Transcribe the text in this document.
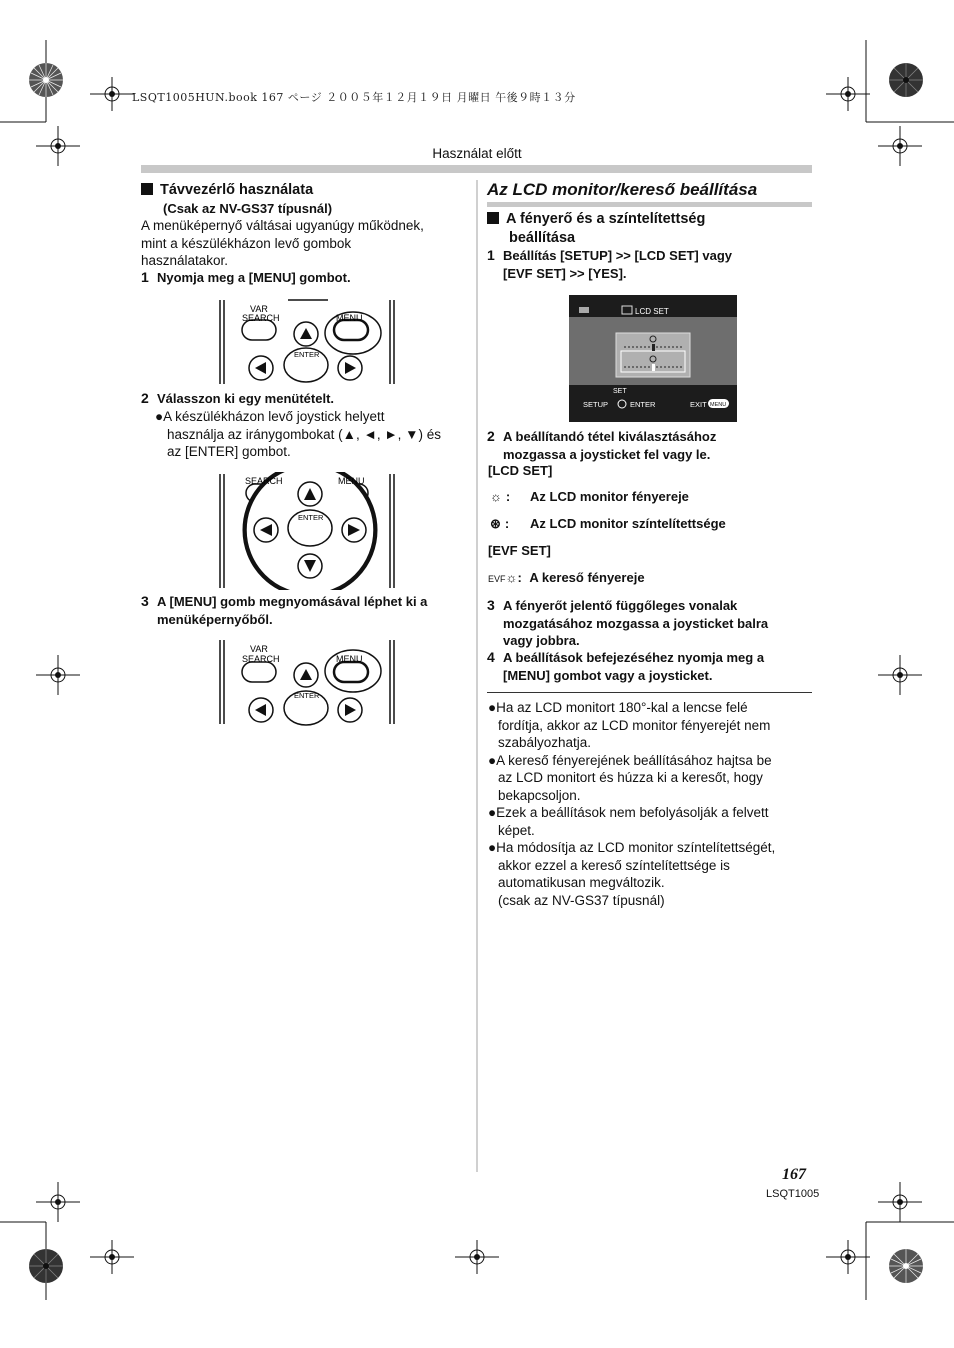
LSQT1005HUN.book 167 ページ ２００５年１２月１９日 月曜日 午後９時１３分
Használat előtt
Távvezérlő használata
(Csak az NV-GS37 típusnál)
A menüképernyő váltásai ugyanúgy működnek,
mint a készülékházon levő gombok
használatakor.
1 Nyomja meg a [MENU] gombot.
VAR
SEARCH	MENU
ENTER
2 Válasszon ki egy menütételt.
●A készülékházon levő joystick helyett
használja az iránygombokat (▲, ◄, ►, ▼) és
az [ENTER] gombot.
SEARCH	MENU
ENTER
3 A [MENU] gomb megnyomásával léphet ki a
menüképernyőből.
VAR
SEARCH	MENU
ENTER
Az LCD monitor/kereső beállítása
A fényerő és a színtelítettség
beállítása
1 Beállítás [SETUP] >> [LCD SET] vagy
[EVF SET] >> [YES].
LCD SET
SET
SETUP	ENTER	EXIT MENU
2 A beállítandó tétel kiválasztásához
mozgassa a joysticket fel vagy le.
[LCD SET]
☼ : Az LCD monitor fényereje
⊛ : Az LCD monitor színtelítettsége
[EVF SET]
EVF☼: A kereső fényereje
3 A fényerőt jelentő függőleges vonalak
mozgatásához mozgassa a joysticket balra
vagy jobbra.
4 A beállítások befejezéséhez nyomja meg a
[MENU] gombot vagy a joysticket.
●Ha az LCD monitort 180°-kal a lencse felé
fordítja, akkor az LCD monitor fényerejét nem
szabályozhatja.
●A kereső fényerejének beállításához hajtsa be
az LCD monitort és húzza ki a keresőt, hogy
bekapcsoljon.
●Ezek a beállítások nem befolyásolják a felvett
képet.
●Ha módosítja az LCD monitor színtelítettségét,
akkor ezzel a kereső színtelítettsége is
automatikusan megváltozik.
(csak az NV-GS37 típusnál)
167
LSQT1005
